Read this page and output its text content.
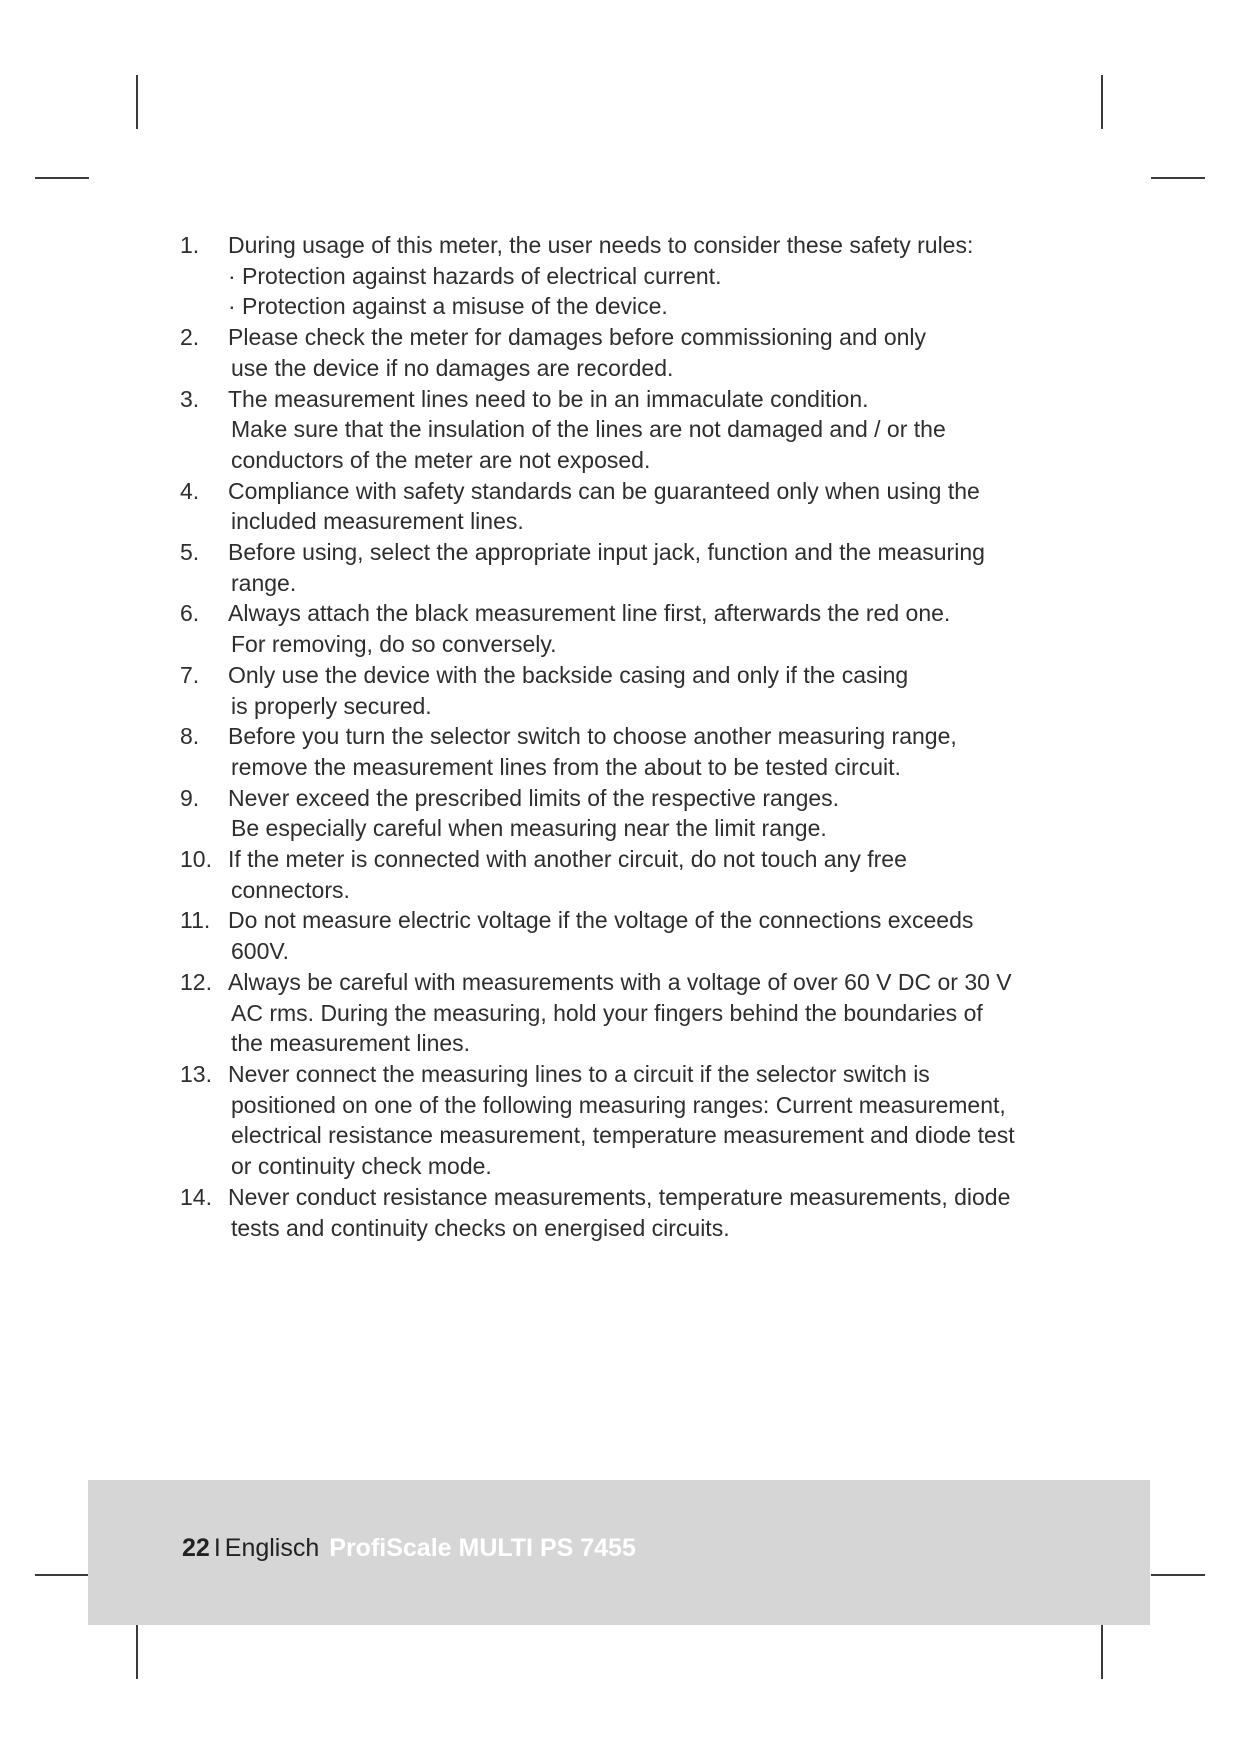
1. During usage of this meter, the user needs to consider these safety rules:
· Protection against hazards of electrical current.
· Protection against a misuse of the device.
2. Please check the meter for damages before commissioning and only
use the device if no damages are recorded.
3. The measurement lines need to be in an immaculate condition.
Make sure that the insulation of the lines are not damaged and / or the
conductors of the meter are not exposed.
4. Compliance with safety standards can be guaranteed only when using the
included measurement lines.
5. Before using, select the appropriate input jack, function and the measuring
range.
6. Always attach the black measurement line first, afterwards the red one.
For removing, do so conversely.
7. Only use the device with the backside casing and only if the casing
is properly secured.
8. Before you turn the selector switch to choose another measuring range,
remove the measurement lines from the about to be tested circuit.
9. Never exceed the prescribed limits of the respective ranges.
Be especially careful when measuring near the limit range.
10. If the meter is connected with another circuit, do not touch any free
connectors.
11. Do not measure electric voltage if the voltage of the connections exceeds
600V.
12. Always be careful with measurements with a voltage of over 60 V DC or 30 V
AC rms. During the measuring, hold your fingers behind the boundaries of
the measurement lines.
13. Never connect the measuring lines to a circuit if the selector switch is
positioned on one of the following measuring ranges: Current measurement,
electrical resistance measurement, temperature measurement and diode test
or continuity check mode.
14. Never conduct resistance measurements, temperature measurements, diode
tests and continuity checks on energised circuits.
22 I Englisch ProfiScale MULTI PS 7455
